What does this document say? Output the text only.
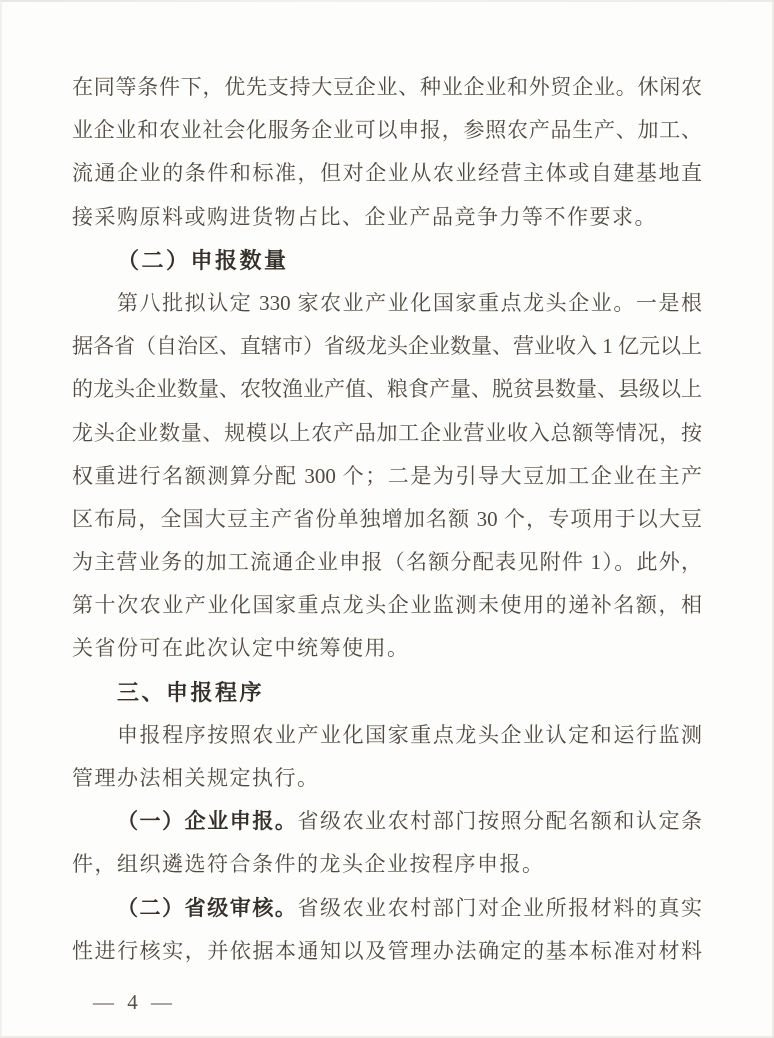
在同等条件下，优先支持大豆企业、种业企业和外贸企业。休闲农
业企业和农业社会化服务企业可以申报，参照农产品生产、加工、
流通企业的条件和标准，但对企业从农业经营主体或自建基地直
接采购原料或购进货物占比、企业产品竞争力等不作要求。
（二）申报数量
第八批拟认定 330 家农业产业化国家重点龙头企业。一是根
据各省（自治区、直辖市）省级龙头企业数量、营业收入 1 亿元以上
的龙头企业数量、农牧渔业产值、粮食产量、脱贫县数量、县级以上
龙头企业数量、规模以上农产品加工企业营业收入总额等情况，按
权重进行名额测算分配 300 个；二是为引导大豆加工企业在主产
区布局，全国大豆主产省份单独增加名额 30 个，专项用于以大豆
为主营业务的加工流通企业申报（名额分配表见附件 1）。此外，
第十次农业产业化国家重点龙头企业监测未使用的递补名额，相
关省份可在此次认定中统筹使用。
三、申报程序
申报程序按照农业产业化国家重点龙头企业认定和运行监测
管理办法相关规定执行。
（一）企业申报。省级农业农村部门按照分配名额和认定条
件，组织遴选符合条件的龙头企业按程序申报。
（二）省级审核。省级农业农村部门对企业所报材料的真实
性进行核实，并依据本通知以及管理办法确定的基本标准对材料
— 4 —
